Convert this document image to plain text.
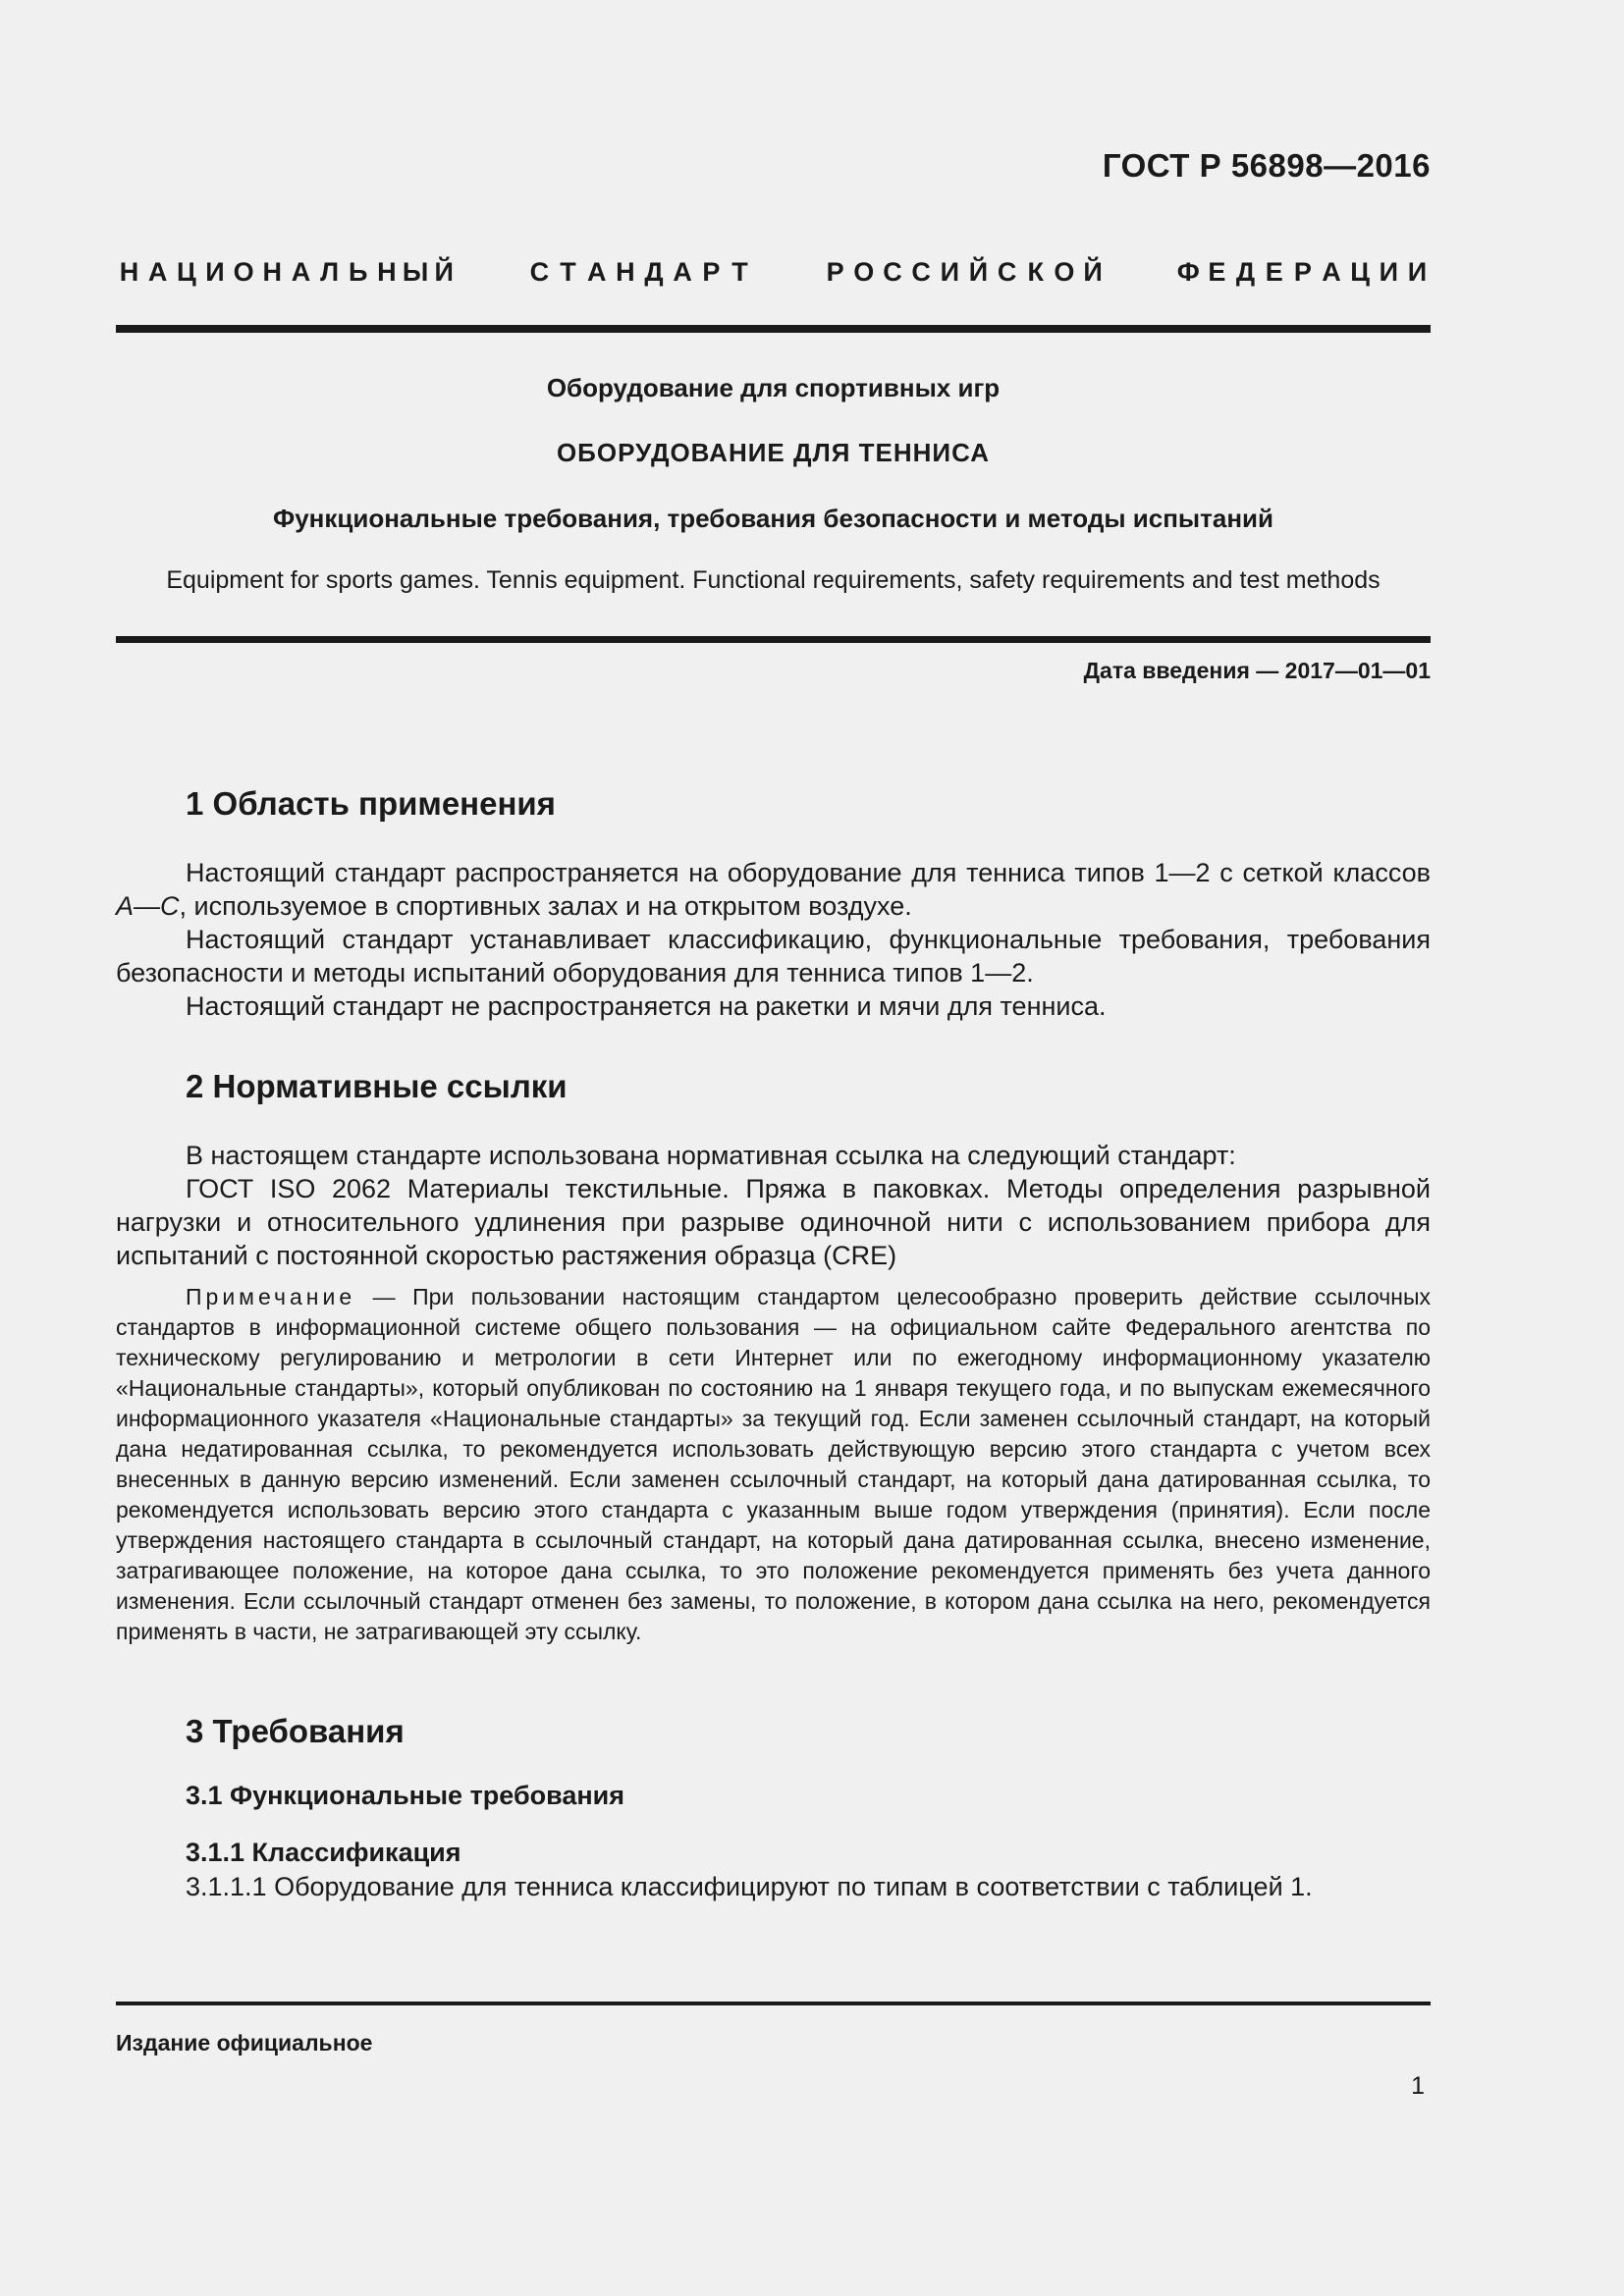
ГОСТ Р 56898—2016
Н А Ц И О Н А Л Ь Н Ы Й	С Т А Н Д А Р Т	Р О С С И Й С К О Й	Ф Е Д Е Р А Ц И И
Оборудование для спортивных игр
ОБОРУДОВАНИЕ ДЛЯ ТЕННИСА
Функциональные требования, требования безопасности и методы испытаний
Equipment for sports games. Tennis equipment. Functional requirements, safety requirements and test methods
Дата введения — 2017—01—01
1 Область применения

Настоящий стандарт распространяется на оборудование для тенниса типов 1—2 с сеткой классов А—С, используемое в спортивных залах и на открытом воздухе.

Настоящий стандарт устанавливает классификацию, функциональные требования, требования безопасности и методы испытаний оборудования для тенниса типов 1—2.

Настоящий стандарт не распространяется на ракетки и мячи для тенниса.

2 Нормативные ссылки

В настоящем стандарте использована нормативная ссылка на следующий стандарт:

ГОСТ ISO 2062 Материалы текстильные. Пряжа в паковках. Методы определения разрывной нагрузки и относительного удлинения при разрыве одиночной нити с использованием прибора для испытаний с постоянной скоростью растяжения образца (CRE)

Примечание — При пользовании настоящим стандартом целесообразно проверить действие ссылочных стандартов в информационной системе общего пользования — на официальном сайте Федерального агентства по техническому регулированию и метрологии в сети Интернет или по ежегодному информационному указателю «Национальные стандарты», который опубликован по состоянию на 1 января текущего года, и по выпускам ежемесячного информационного указателя «Национальные стандарты» за текущий год. Если заменен ссылочный стандарт, на который дана недатированная ссылка, то рекомендуется использовать действующую версию этого стандарта с учетом всех внесенных в данную версию изменений. Если заменен ссылочный стандарт, на который дана датированная ссылка, то рекомендуется использовать версию этого стандарта с указанным выше годом утверждения (принятия). Если после утверждения настоящего стандарта в ссылочный стандарт, на который дана датированная ссылка, внесено изменение, затрагивающее положение, на которое дана ссылка, то это положение рекомендуется применять без учета данного изменения. Если ссылочный стандарт отменен без замены, то положение, в котором дана ссылка на него, рекомендуется применять в части, не затрагивающей эту ссылку.

3 Требования
3.1 Функциональные требования
3.1.1 Классификация

3.1.1.1 Оборудование для тенниса классифицируют по типам в соответствии с таблицей 1.

Издание официальное
1
